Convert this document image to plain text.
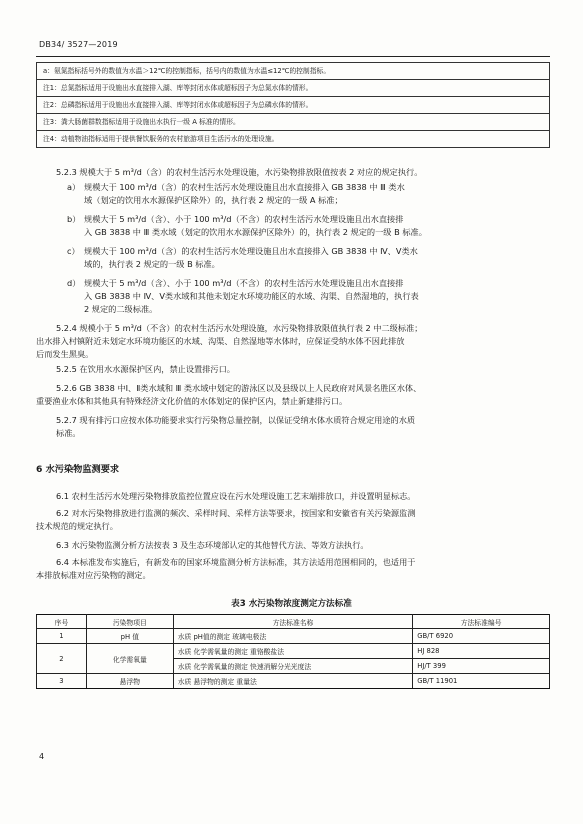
DB34/ 3527—2019
a：氨氮指标括号外的数值为水温＞12℃的控制指标，括号内的数值为水温≤12℃的控制指标。
注1：总氮指标适用于设施出水直接排入湖、库等封闭水体或超标因子为总氮水体的情形。
注2：总磷指标适用于设施出水直接排入湖、库等封闭水体或超标因子为总磷水体的情形。
注3：粪大肠菌群数指标适用于设施出水执行一级 A 标准的情形。
注4：动植物油指标适用于提供餐饮服务的农村旅游项目生活污水的处理设施。
5.2.3 规模大于 5 m³/d（含）的农村生活污水处理设施，水污染物排放限值按表 2 对应的规定执行。
a） 规模大于 100 m³/d（含）的农村生活污水处理设施且出水直接排入 GB 3838 中 Ⅲ 类水
域（划定的饮用水水源保护区除外）的，执行表 2 规定的一级 A 标准；
b） 规模大于 5 m³/d（含）、小于 100 m³/d（不含）的农村生活污水处理设施且出水直接排
入 GB 3838 中 Ⅲ 类水域（划定的饮用水水源保护区除外）的，执行表 2 规定的一级 B 标准。
c） 规模大于 100 m³/d（含）的农村生活污水处理设施且出水直接排入 GB 3838 中 Ⅳ、Ⅴ类水
域的，执行表 2 规定的一级 B 标准。
d） 规模大于 5 m³/d（含）、小于 100 m³/d（不含）的农村生活污水处理设施且出水直接排
入 GB 3838 中 Ⅳ、Ⅴ类水域和其他未划定水环境功能区的水域、沟渠、自然湿地的，执行表
2 规定的二级标准。
5.2.4 规模小于 5 m³/d（不含）的农村生活污水处理设施，水污染物排放限值执行表 2 中二级标准；
出水排入村镇附近未划定水环境功能区的水域、沟渠、自然湿地等水体时，应保证受纳水体不因此排放
后而发生黑臭。
5.2.5 在饮用水水源保护区内，禁止设置排污口。
5.2.6 GB 3838 中Ⅰ、Ⅱ类水域和 Ⅲ 类水域中划定的游泳区以及县级以上人民政府对风景名胜区水体、
重要渔业水体和其他具有特殊经济文化价值的水体划定的保护区内，禁止新建排污口。
5.2.7 现有排污口应按水体功能要求实行污染物总量控制，以保证受纳水体水质符合规定用途的水质
标准。
6 水污染物监测要求
6.1 农村生活污水处理污染物排放监控位置应设在污水处理设施工艺末端排放口，并设置明显标志。
6.2 对水污染物排放进行监测的频次、采样时间、采样方法等要求，按国家和安徽省有关污染源监测
技术规范的规定执行。
6.3 水污染物监测分析方法按表 3 及生态环境部认定的其他替代方法、等效方法执行。
6.4 本标准发布实施后，有新发布的国家环境监测分析方法标准，其方法适用范围相同的，也适用于
本排放标准对应污染物的测定。
表3 水污染物浓度测定方法标准
序号	污染物项目	方法标准名称	方法标准编号
1	pH 值	水质 pH值的测定 玻璃电极法	GB/T 6920
2	化学需氧量	水质 化学需氧量的测定 重铬酸盐法	HJ 828
		水质 化学需氧量的测定 快速消解分光光度法	HJ/T 399
3	悬浮物	水质 悬浮物的测定 重量法	GB/T 11901
4
